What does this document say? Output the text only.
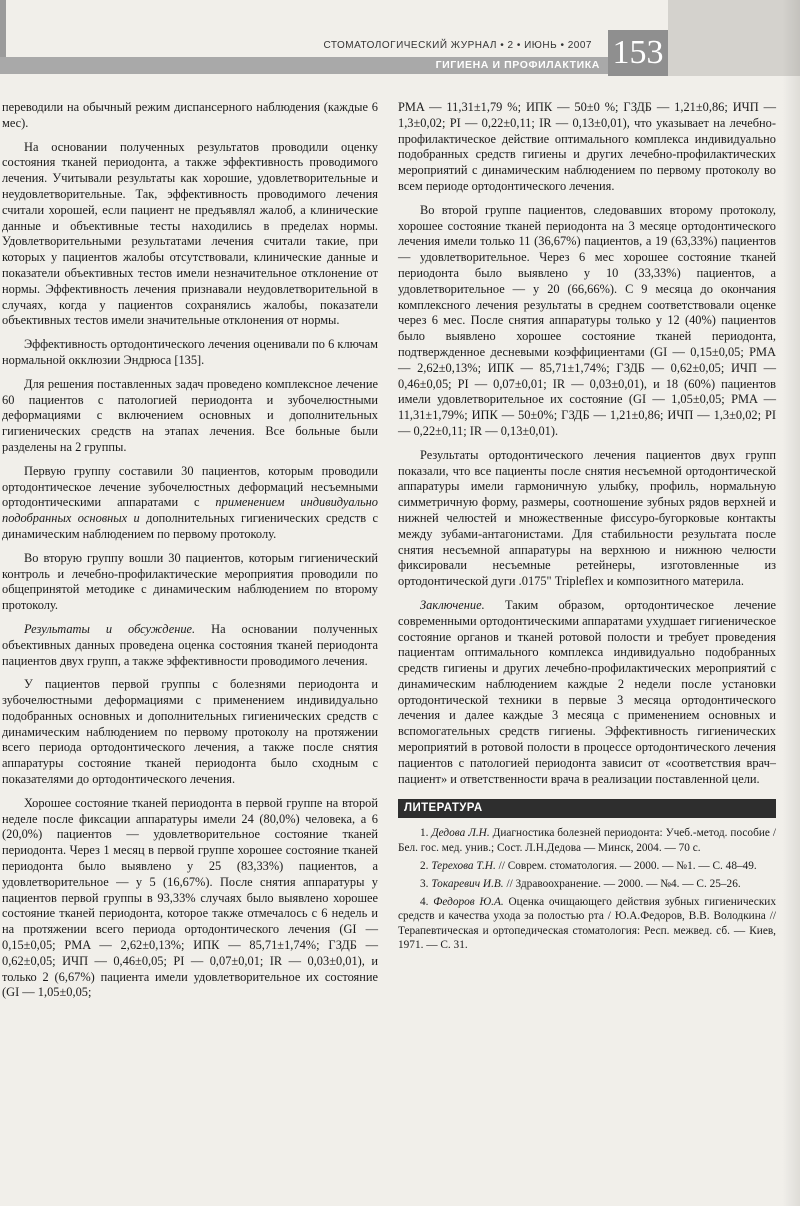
СТОМАТОЛОГИЧЕСКИЙ ЖУРНАЛ • 2 • ИЮНЬ • 2007
ГИГИЕНА И ПРОФИЛАКТИКА 153

переводили на обычный режим диспансерного наблюдения (каждые 6 мес).

На основании полученных результатов проводили оценку состояния тканей периодонта, а также эффективность проводимого лечения. Учитывали результаты как хорошие, удовлетворительные и неудовлетворительные. Так, эффективность проводимого лечения считали хорошей, если пациент не предъявлял жалоб, а клинические данные и объективные тесты находились в пределах нормы. Удовлетворительными результатами лечения считали такие, при которых у пациентов жалобы отсутствовали, клинические данные и показатели объективных тестов имели незначительное отклонение от нормы. Эффективность лечения признавали неудовлетворительной в случаях, когда у пациентов сохранялись жалобы, показатели объективных тестов имели значительные отклонения от нормы.

Эффективность ортодонтического лечения оценивали по 6 ключам нормальной окклюзии Эндрюса [135].

Для решения поставленных задач проведено комплексное лечение 60 пациентов с патологией периодонта и зубочелюстными деформациями с включением основных и дополнительных гигиенических средств на этапах лечения. Все больные были разделены на 2 группы.

Первую группу составили 30 пациентов, которым проводили ортодонтическое лечение зубочелюстных деформаций несъемными ортодонтическими аппаратами с применением индивидуально подобранных основных и дополнительных гигиенических средств с динамическим наблюдением по первому протоколу.

Во вторую группу вошли 30 пациентов, которым гигиенический контроль и лечебно-профилактические мероприятия проводили по общепринятой методике с динамическим наблюдением по второму протоколу.

Результаты и обсуждение. На основании полученных объективных данных проведена оценка состояния тканей периодонта пациентов двух групп, а также эффективности проводимого лечения.

У пациентов первой группы с болезнями периодонта и зубочелюстными деформациями с применением индивидуально подобранных основных и дополнительных гигиенических средств с динамическим наблюдением по первому протоколу на протяжении всего периода ортодонтического лечения, а также после снятия аппаратуры состояние тканей периодонта было сходным с показателями до ортодонтического лечения.

Хорошее состояние тканей периодонта в первой группе на второй неделе после фиксации аппаратуры имели 24 (80,0%) человека, а 6 (20,0%) пациентов — удовлетворительное состояние тканей периодонта. Через 1 месяц в первой группе хорошее состояние тканей периодонта было выявлено у 25 (83,33%) пациентов, а удовлетворительное — у 5 (16,67%). После снятия аппаратуры у пациентов первой группы в 93,33% случаях было выявлено хорошее состояние тканей периодонта, которое также отмечалось с 6 недель и на протяжении всего периода ортодонтического лечения (GI — 0,15±0,05; PMA — 2,62±0,13%; ИПК — 85,71±1,74%; ГЗДБ — 0,62±0,05; ИЧП — 0,46±0,05; PI — 0,07±0,01; IR — 0,03±0,01), и только 2 (6,67%) пациента имели удовлетворительное их состояние (GI — 1,05±0,05;

PMA — 11,31±1,79 %; ИПК — 50±0 %; ГЗДБ — 1,21±0,86; ИЧП — 1,3±0,02; PI — 0,22±0,11; IR — 0,13±0,01), что указывает на лечебно-профилактическое действие оптимального комплекса индивидуально подобранных средств гигиены и других лечебно-профилактических мероприятий с динамическим наблюдением по первому протоколу во всем периоде ортодонтического лечения.

Во второй группе пациентов, следовавших второму протоколу, хорошее состояние тканей периодонта на 3 месяце ортодонтического лечения имели только 11 (36,67%) пациентов, а 19 (63,33%) пациентов — удовлетворительное. Через 6 мес хорошее состояние тканей периодонта было выявлено у 10 (33,33%) пациентов, а удовлетворительное — у 20 (66,66%). С 9 месяца до окончания комплексного лечения результаты в среднем соответствовали оценке через 6 мес. После снятия аппаратуры только у 12 (40%) пациентов было выявлено хорошее состояние тканей периодонта, подтвержденное десневыми коэффициентами (GI — 0,15±0,05; PMA — 2,62±0,13%; ИПК — 85,71±1,74%; ГЗДБ — 0,62±0,05; ИЧП — 0,46±0,05; PI — 0,07±0,01; IR — 0,03±0,01), и 18 (60%) пациентов имели удовлетворительное их состояние (GI — 1,05±0,05; PMA — 11,31±1,79%; ИПК — 50±0%; ГЗДБ — 1,21±0,86; ИЧП — 1,3±0,02; PI — 0,22±0,11; IR — 0,13±0,01).

Результаты ортодонтического лечения пациентов двух групп показали, что все пациенты после снятия несъемной ортодонтической аппаратуры имели гармоничную улыбку, профиль, нормальную симметричную форму, размеры, соотношение зубных рядов верхней и нижней челюстей и множественные фиссуро-бугорковые контакты между зубами-антагонистами. Для стабильности результата после снятия несъемной аппаратуры на верхнюю и нижнюю челюсти фиксировали несъемные ретейнеры, изготовленные из ортодонтической дуги .0175" Tripleflex и композитного материла.

Заключение. Таким образом, ортодонтическое лечение современными ортодонтическими аппаратами ухудшает гигиеническое состояние органов и тканей ротовой полости и требует проведения пациентам оптимального комплекса индивидуально подобранных средств гигиены и других лечебно-профилактических мероприятий с динамическим наблюдением каждые 2 недели после установки ортодонтической техники в первые 3 месяца ортодонтического лечения и далее каждые 3 месяца с применением основных и вспомогательных средств гигиены. Эффективность гигиенических мероприятий в ротовой полости в процессе ортодонтического лечения пациентов с патологией периодонта зависит от «соответствия врач–пациент» и ответственности врача в реализации поставленной цели.

ЛИТЕРАТУРА
1. Дедова Л.Н. Диагностика болезней периодонта: Учеб.-метод. пособие / Бел. гос. мед. унив.; Сост. Л.Н.Дедова — Минск, 2004. — 70 с.
2. Терехова Т.Н. // Соврем. стоматология. — 2000. — №1. — С. 48–49.
3. Токаревич И.В. // Здравоохранение. — 2000. — №4. — С. 25–26.
4. Федоров Ю.А. Оценка очищающего действия зубных гигиенических средств и качества ухода за полостью рта / Ю.А.Федоров, В.В. Володкина // Терапевтическая и ортопедическая стоматология: Респ. межвед. сб. — Киев, 1971. — С. 31.
